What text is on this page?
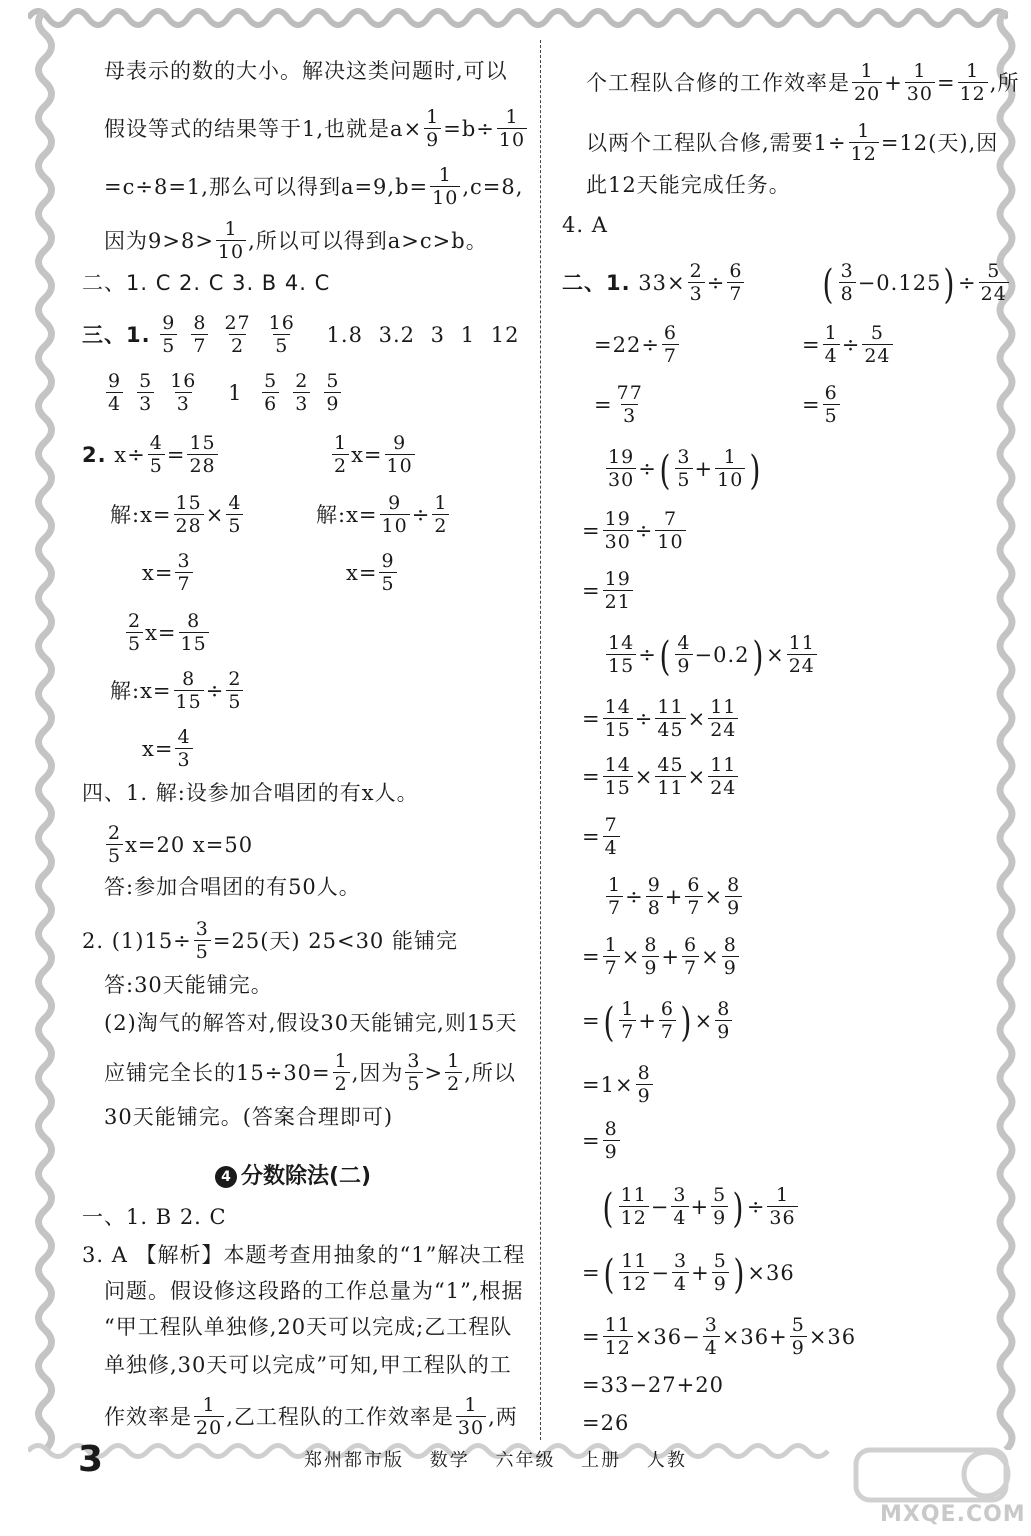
母表示的数的大小。解决这类问题时,可以
假设等式的结果等于1,也就是$a\times \frac{1}{9} =b\div \frac{1}{10}$
=c÷8=1,那么可以得到$a=9,b= \frac{1}{10} ,c=8$,
因为$9>8> \frac{1}{10}$ ,所以可以得到a>c>b。
二、1. C 2. C 3. B 4. C
三、1. $\frac{9}{5} \frac{8}{7} \frac{27}{2} \frac{16}{5} 1.8$ 3.2 3 1 12
$\frac{9}{4} \frac{5}{3} \frac{16}{3} 1 \frac{5}{6} \frac{2}{3} \frac{5}{9}$
2. $x\div \frac{4}{5} = \frac{15}{28}$
解:x= $\frac{15}{28} \times \frac{4}{5}$
$x= \frac{3}{7}$
$\frac{1}{2} x= \frac{9}{10}$
解:x= $\frac{9}{10} \div \frac{1}{2}$
$x= \frac{9}{5}$
$\frac{2}{5} x= \frac{8}{15}$
解:x= $\frac{8}{15} \div \frac{2}{5}$
$x= \frac{4}{3}$
四、1. 解:设参加合唱团的有x人。
$\frac{2}{5} x=20$ x=50
答:参加合唱团的有50人。
2. $(1)15\div \frac{3}{5} =25$(天) 25<30 能铺完
答:30天能铺完。
(2)淘气的解答对,假设30天能铺完,则15天
应铺完全长的$15\div 30= \frac{1}{2}$ ,因为 $\frac{3}{5} > \frac{1}{2}$ ,所以
30天能铺完。(答案合理即可)
4 分数除法(二)
一、1. B 2. C
3. A 【解析】本题考查用抽象的“1”解决工程
问题。假设修这段路的工作总量为“1”,根据
“甲工程队单独修,20天可以完成;乙工程队
单独修,30天可以完成”可知,甲工程队的工
作效率是 $\frac{1}{20}$ ,乙工程队的工作效率是 $\frac{1}{30}$ ,两
个工程队合修的工作效率是 $\frac{1}{20} + \frac{1}{30} = \frac{1}{12}$ ,所
以两个工程队合修,需要$1\div \frac{1}{12} =12$(天),因
此12天能完成任务。
4. A
二、1. $33\times \frac{2}{3} \div \frac{6}{7}$
$=22\div \frac{6}{7}$
= $\frac{77}{3}$
( $\frac{3}{8} -0.125) \div \frac{5}{24}$
= $\frac{1}{4} \div \frac{5}{24}$
= $\frac{6}{5}$
$\frac{19}{30}$ ÷( $\frac{3}{5} + \frac{1}{10}$ )
= $\frac{19}{30} \div \frac{7}{10}$
= $\frac{19}{21}$
$\frac{14}{15}$ ÷( $\frac{4}{9} -0.2) \times \frac{11}{24}$
= $\frac{14}{15} \div \frac{11}{45} \times \frac{11}{24}$
= $\frac{14}{15} \times \frac{45}{11} \times \frac{11}{24}$
= $\frac{7}{4}$
$\frac{1}{7} \div \frac{9}{8} + \frac{6}{7} \times \frac{8}{9}$
= $\frac{1}{7} \times \frac{8}{9} + \frac{6}{7} \times \frac{8}{9}$
=( $\frac{1}{7} + \frac{6}{7}$ ) × $\frac{8}{9}$
$=1\times \frac{8}{9}$
= $\frac{8}{9}$
( $\frac{11}{12} - \frac{3}{4} + \frac{5}{9}$ ) ÷ $\frac{1}{36}$
=( $\frac{11}{12} - \frac{3}{4} + \frac{5}{9}$ ) ×36
= $\frac{11}{12} \times 36- \frac{3}{4} \times 36+ \frac{5}{9} \times 36$
=33−27+20
=26
3	郑州都市版 数学 六年级 上册 人教
MXQE.COM
